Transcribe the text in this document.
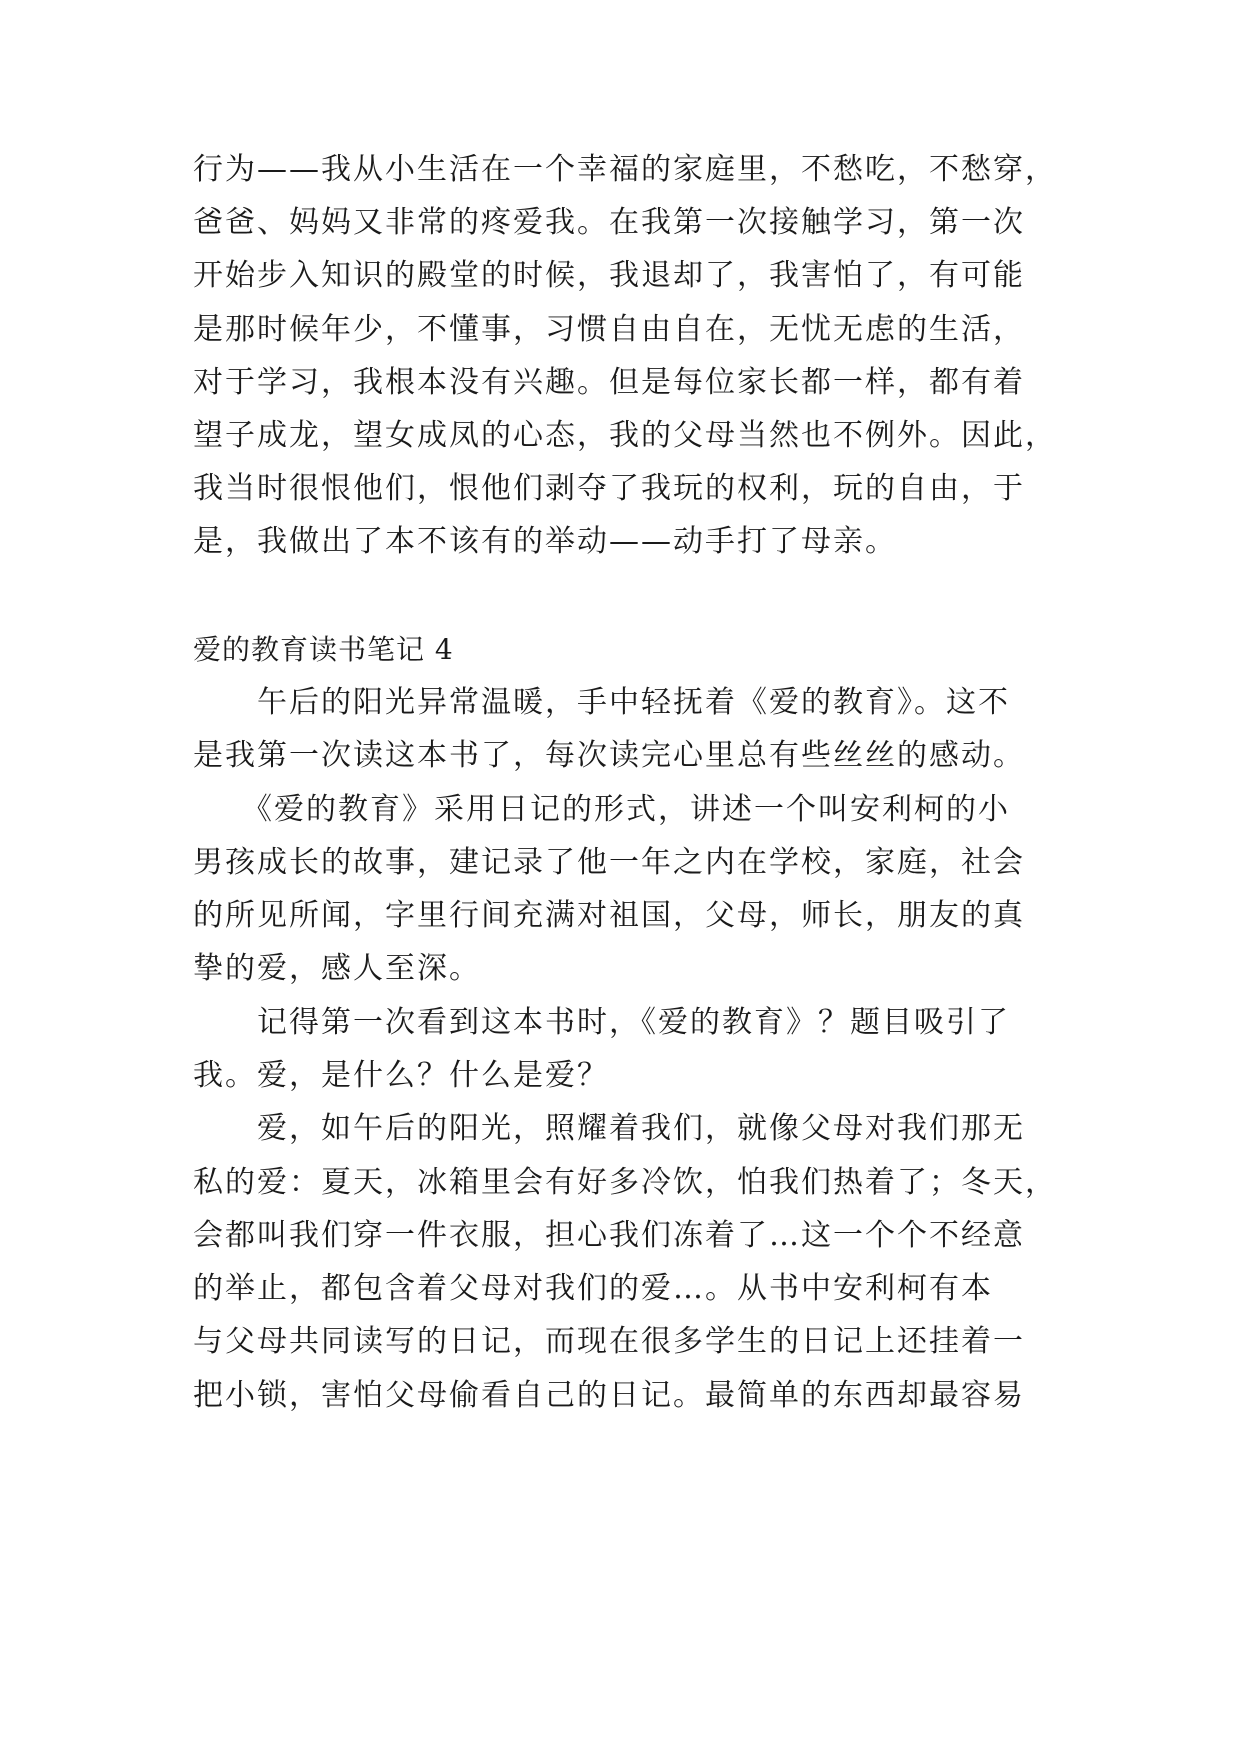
行为——我从小生活在一个幸福的家庭里，不愁吃，不愁穿，
爸爸、妈妈又非常的疼爱我。在我第一次接触学习，第一次
开始步入知识的殿堂的时候，我退却了，我害怕了，有可能
是那时候年少，不懂事，习惯自由自在，无忧无虑的生活，
对于学习，我根本没有兴趣。但是每位家长都一样，都有着
望子成龙，望女成凤的心态，我的父母当然也不例外。因此，
我当时很恨他们，恨他们剥夺了我玩的权利，玩的自由，于
是，我做出了本不该有的举动——动手打了母亲。
爱的教育读书笔记 4
　　午后的阳光异常温暖，手中轻抚着《爱的教育》。这不
是我第一次读这本书了，每次读完心里总有些丝丝的感动。
　　《爱的教育》采用日记的形式，讲述一个叫安利柯的小
男孩成长的故事，建记录了他一年之内在学校，家庭，社会
的所见所闻，字里行间充满对祖国，父母，师长，朋友的真
挚的爱，感人至深。
　　记得第一次看到这本书时，《爱的教育》？题目吸引了
我。爱，是什么？什么是爱？
　　爱，如午后的阳光，照耀着我们，就像父母对我们那无
私的爱：夏天，冰箱里会有好多冷饮，怕我们热着了；冬天，
会都叫我们穿一件衣服，担心我们冻着了…这一个个不经意
的举止，都包含着父母对我们的爱…。从书中安利柯有本
与父母共同读写的日记，而现在很多学生的日记上还挂着一
把小锁，害怕父母偷看自己的日记。最简单的东西却最容易
